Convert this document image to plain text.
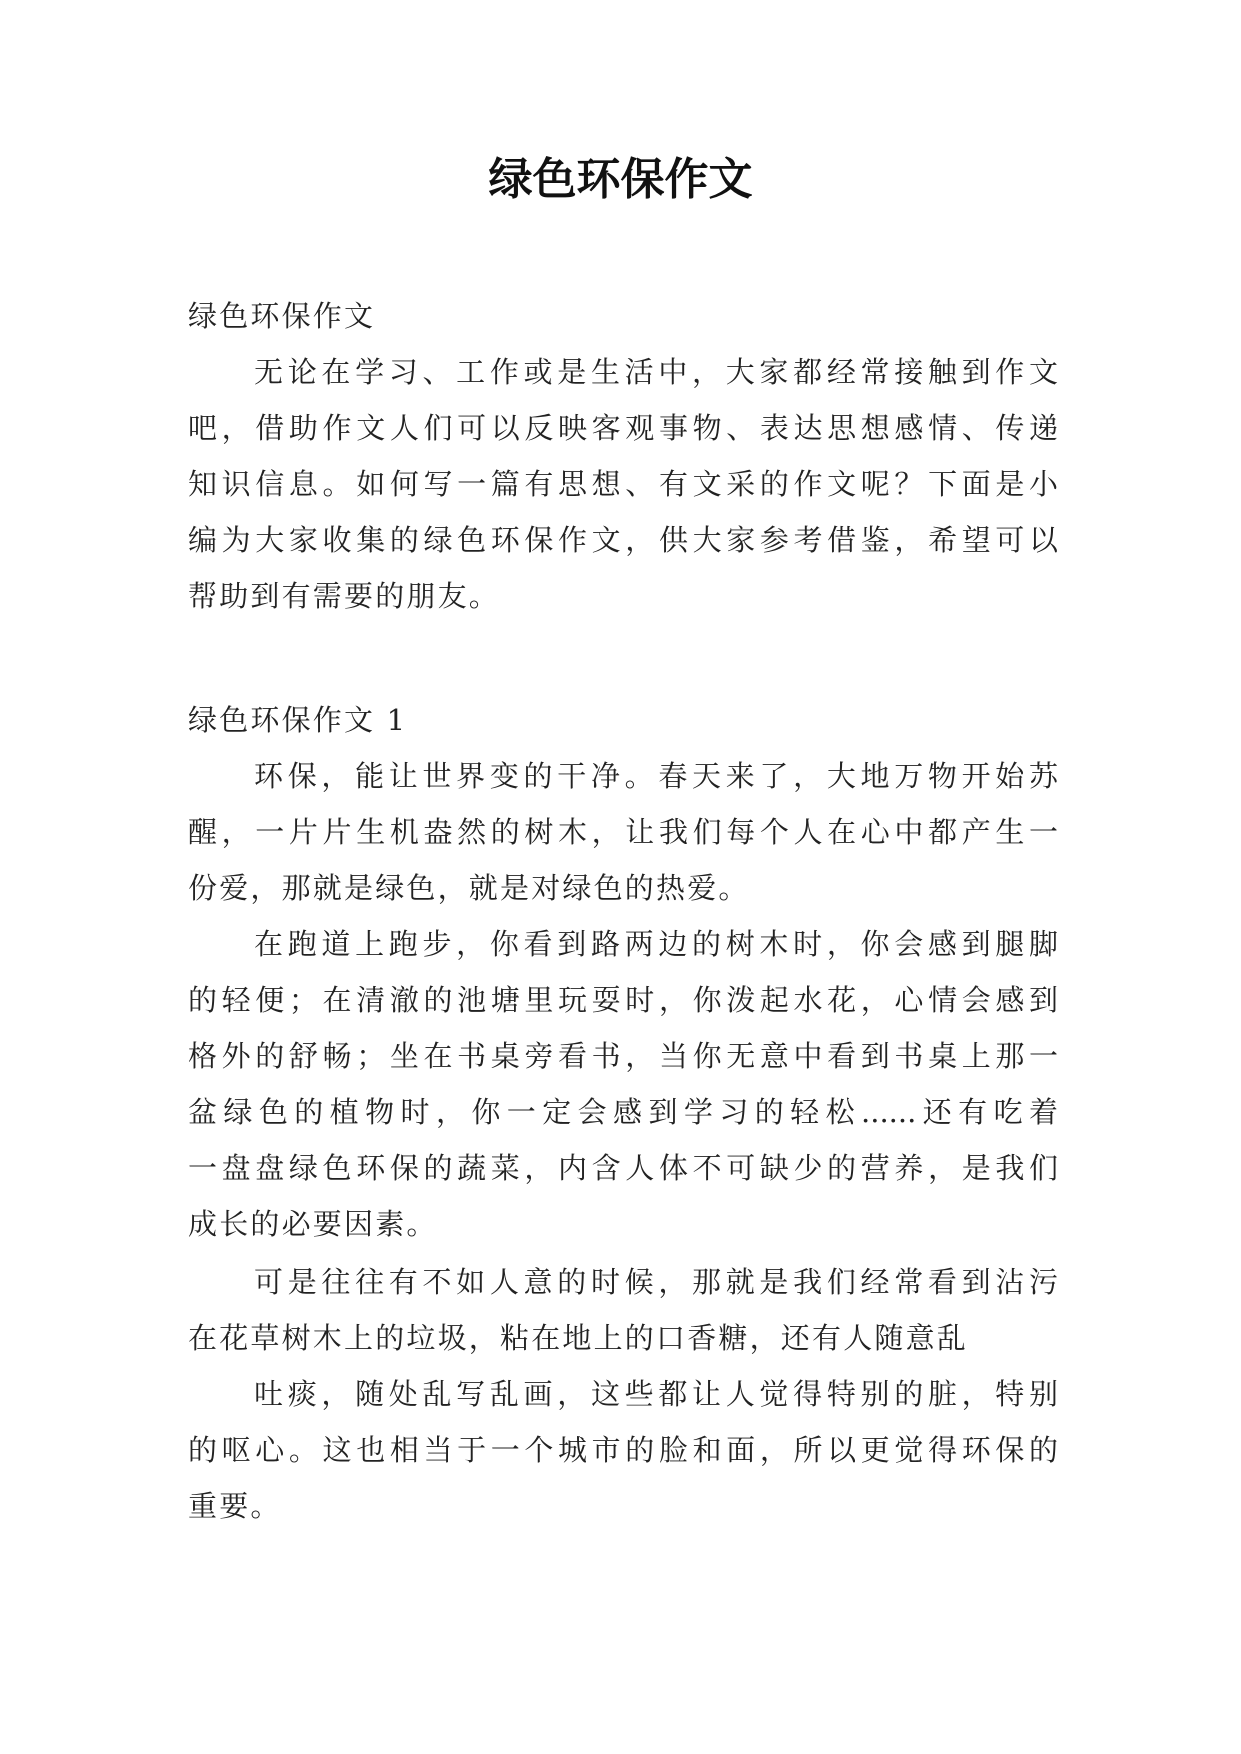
绿色环保作文

绿色环保作文

无论在学习、工作或是生活中，大家都经常接触到作文

吧，借助作文人们可以反映客观事物、表达思想感情、传递

知识信息。如何写一篇有思想、有文采的作文呢？下面是小

编为大家收集的绿色环保作文，供大家参考借鉴，希望可以

帮助到有需要的朋友。

绿色环保作文 1

环保，能让世界变的干净。春天来了，大地万物开始苏

醒，一片片生机盎然的树木，让我们每个人在心中都产生一

份爱，那就是绿色，就是对绿色的热爱。

在跑道上跑步，你看到路两边的树木时，你会感到腿脚

的轻便；在清澈的池塘里玩耍时，你泼起水花，心情会感到

格外的舒畅；坐在书桌旁看书，当你无意中看到书桌上那一

盆绿色的植物时，你一定会感到学习的轻松......还有吃着

一盘盘绿色环保的蔬菜，内含人体不可缺少的营养，是我们

成长的必要因素。

可是往往有不如人意的时候，那就是我们经常看到沾污

在花草树木上的垃圾，粘在地上的口香糖，还有人随意乱

吐痰，随处乱写乱画，这些都让人觉得特别的脏，特别

的呕心。这也相当于一个城市的脸和面，所以更觉得环保的

重要。
